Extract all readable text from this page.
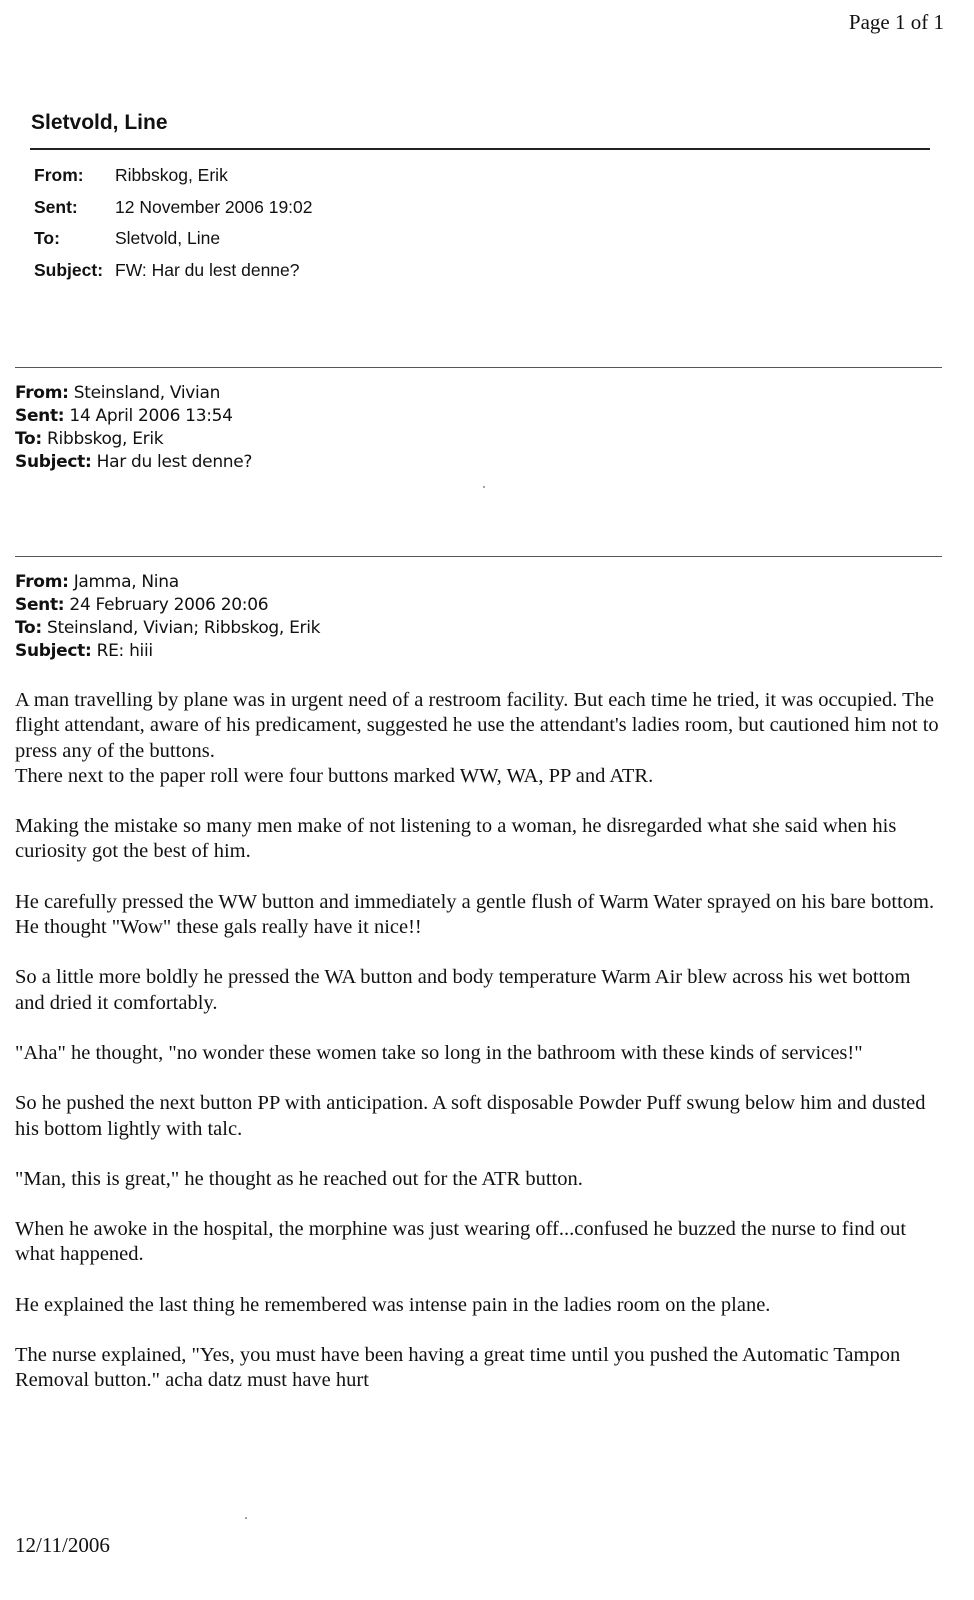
Page 1 of 1
Sletvold, Line
From:	Ribbskog, Erik
Sent:	12 November 2006 19:02
To:	Sletvold, Line
Subject: FW: Har du lest denne?
From: Steinsland, Vivian
Sent: 14 April 2006 13:54
To: Ribbskog, Erik
Subject: Har du lest denne?
From: Jamma, Nina
Sent: 24 February 2006 20:06
To: Steinsland, Vivian; Ribbskog, Erik
Subject: RE: hiii

A man travelling by plane was in urgent need of a restroom facility. But each time he tried, it was occupied. The flight attendant, aware of his predicament, suggested he use the attendant's ladies room, but cautioned him not to press any of the buttons.
There next to the paper roll were four buttons marked WW, WA, PP and ATR.

Making the mistake so many men make of not listening to a woman, he disregarded what she said when his curiosity got the best of him.

He carefully pressed the WW button and immediately a gentle flush of Warm Water sprayed on his bare bottom. He thought "Wow" these gals really have it nice!!

So a little more boldly he pressed the WA button and body temperature Warm Air blew across his wet bottom and dried it comfortably.

"Aha" he thought, "no wonder these women take so long in the bathroom with these kinds of services!"

So he pushed the next button PP with anticipation. A soft disposable Powder Puff swung below him and dusted his bottom lightly with talc.

"Man, this is great," he thought as he reached out for the ATR button.

When he awoke in the hospital, the morphine was just wearing off...confused he buzzed the nurse to find out what happened.

He explained the last thing he remembered was intense pain in the ladies room on the plane.

The nurse explained, "Yes, you must have been having a great time until you pushed the Automatic Tampon Removal button." acha datz must have hurt

12/11/2006
